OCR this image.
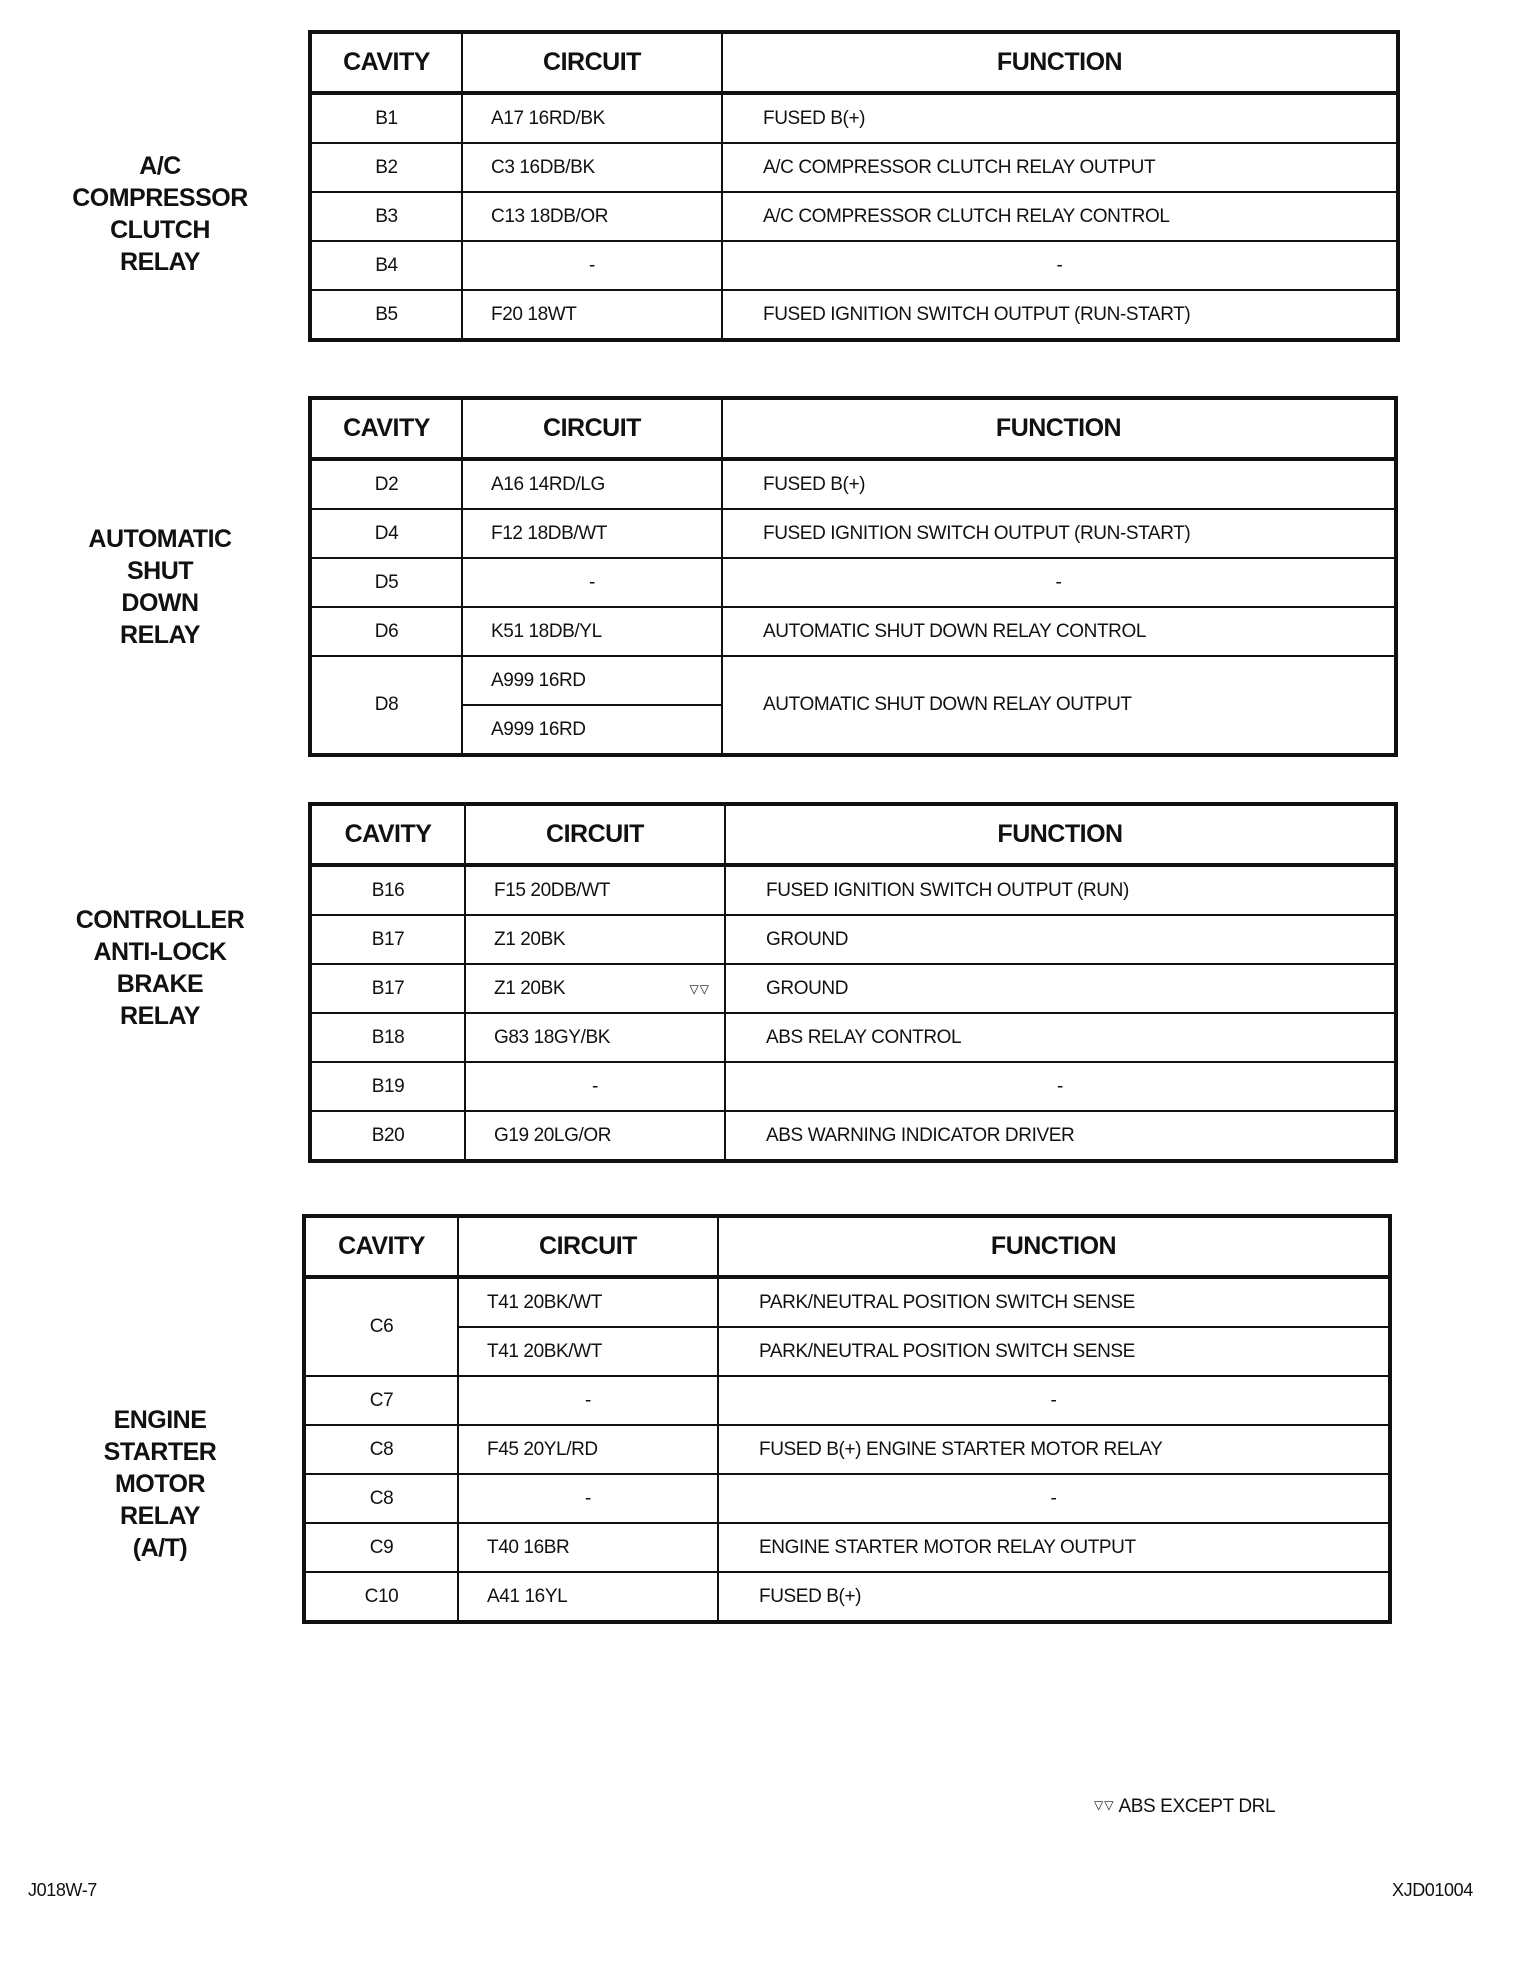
A/C
COMPRESSOR
CLUTCH
RELAY
CAVITY	CIRCUIT	FUNCTION
B1	A17 16RD/BK	FUSED B(+)
B2	C3 16DB/BK	A/C COMPRESSOR CLUTCH RELAY OUTPUT
B3	C13 18DB/OR	A/C COMPRESSOR CLUTCH RELAY CONTROL
B4	-	-
B5	F20 18WT	FUSED IGNITION SWITCH OUTPUT (RUN-START)
AUTOMATIC
SHUT
DOWN
RELAY
CAVITY	CIRCUIT	FUNCTION
D2	A16 14RD/LG	FUSED B(+)
D4	F12 18DB/WT	FUSED IGNITION SWITCH OUTPUT (RUN-START)
D5	-	-
D6	K51 18DB/YL	AUTOMATIC SHUT DOWN RELAY CONTROL
D8	A999 16RD	AUTOMATIC SHUT DOWN RELAY OUTPUT
	A999 16RD	
CONTROLLER
ANTI-LOCK
BRAKE
RELAY
CAVITY	CIRCUIT	FUNCTION
B16	F15 20DB/WT	FUSED IGNITION SWITCH OUTPUT (RUN)
B17	Z1 20BK	GROUND
B17	Z1 20BK ▽▽	GROUND
B18	G83 18GY/BK	ABS RELAY CONTROL
B19	-	-
B20	G19 20LG/OR	ABS WARNING INDICATOR DRIVER
ENGINE
STARTER
MOTOR
RELAY
(A/T)
CAVITY	CIRCUIT	FUNCTION
C6	T41 20BK/WT	PARK/NEUTRAL POSITION SWITCH SENSE
	T41 20BK/WT	PARK/NEUTRAL POSITION SWITCH SENSE
C7	-	-
C8	F45 20YL/RD	FUSED B(+) ENGINE STARTER MOTOR RELAY
C8	-	-
C9	T40 16BR	ENGINE STARTER MOTOR RELAY OUTPUT
C10	A41 16YL	FUSED B(+)
▽▽ ABS EXCEPT DRL
J018W-7	XJD01004
